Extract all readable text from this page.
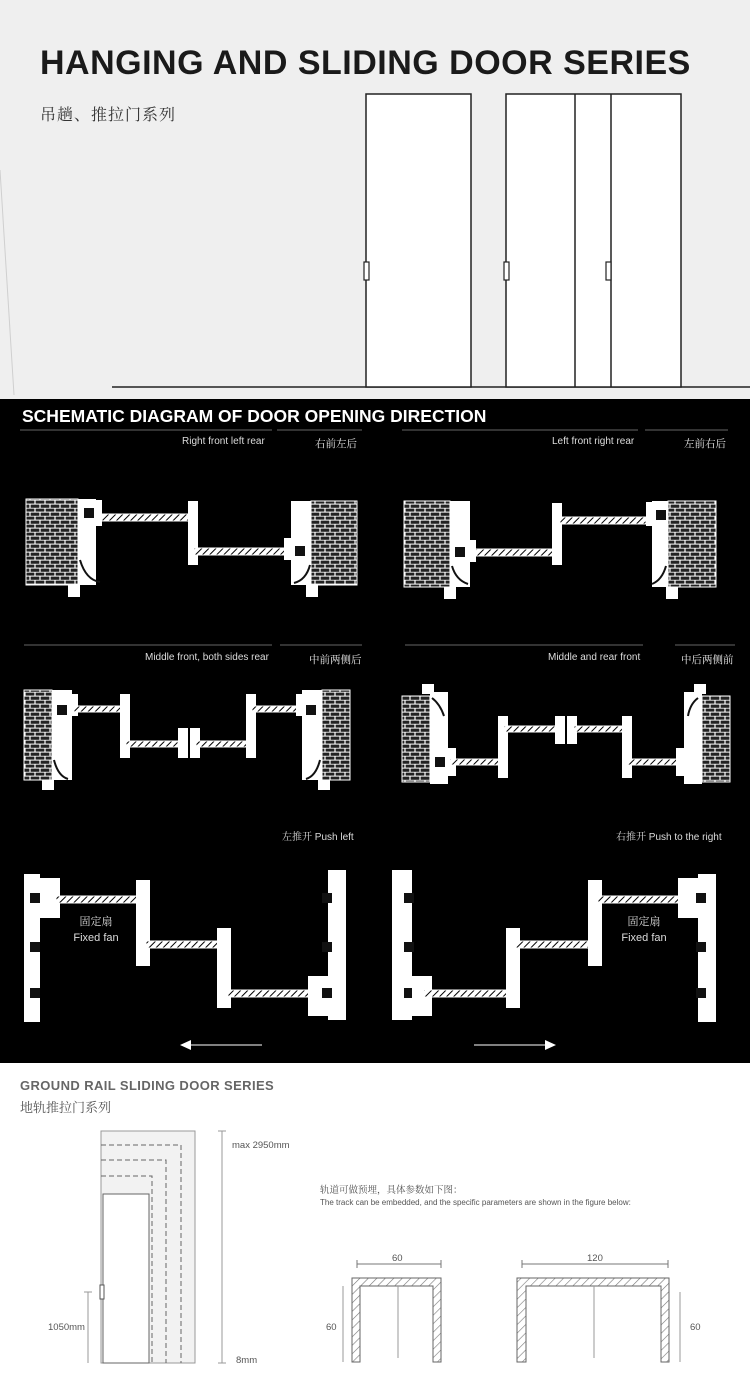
HANGING AND SLIDING DOOR SERIES
吊趟、推拉门系列
SCHEMATIC DIAGRAM OF DOOR OPENING DIRECTION
Right front left rear	右前左后	Left front right rear	左前右后
Middle front, both sides rear	中前两侧后	Middle and rear front	中后两侧前
左推开 Push left	右推开 Push to the right
固定扇
Fixed fan
固定扇
Fixed fan
GROUND RAIL SLIDING DOOR SERIES
地轨推拉门系列
max 2950mm
1050mm
8mm
轨道可做预埋，具体参数如下图：
The track can be embedded, and the specific parameters are shown in the figure below:
60
60
120
60
